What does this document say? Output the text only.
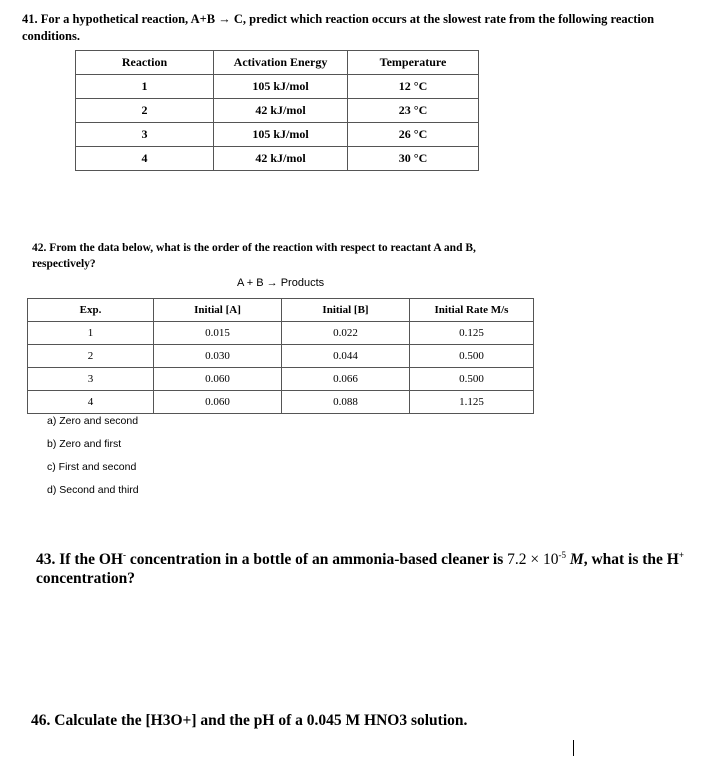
41. For a hypothetical reaction, A+B → C, predict which reaction occurs at the slowest rate from the following reaction conditions.
Reaction	Activation Energy	Temperature
1	105 kJ/mol	12 °C
2	42 kJ/mol	23 °C
3	105 kJ/mol	26 °C
4	42 kJ/mol	30 °C
42. From the data below, what is the order of the reaction with respect to reactant A and B, respectively?
A + B → Products
Exp.	Initial [A]	Initial [B]	Initial Rate M/s
1	0.015	0.022	0.125
2	0.030	0.044	0.500
3	0.060	0.066	0.500
4	0.060	0.088	1.125
a) Zero and second
b) Zero and first
c) First and second
d) Second and third
43. If the OH- concentration in a bottle of an ammonia-based cleaner is $7.2 \times 10^{-5}$ M, what is the H+ concentration?
46. Calculate the [H3O+] and the pH of a 0.045 M HNO3 solution.
